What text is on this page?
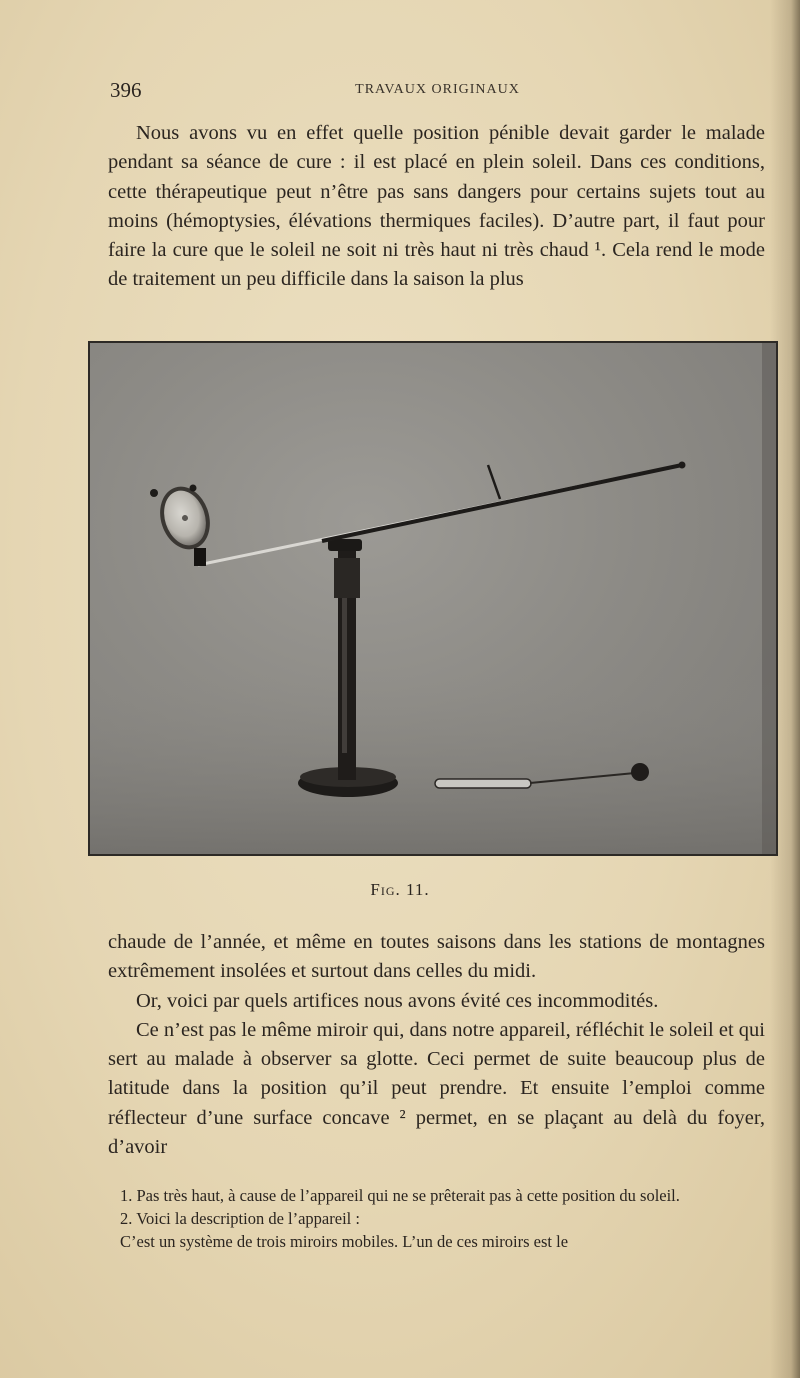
396	TRAVAUX ORIGINAUX

Nous avons vu en effet quelle position pénible devait garder le malade pendant sa séance de cure : il est placé en plein soleil. Dans ces conditions, cette thérapeutique peut n’être pas sans dangers pour certains sujets tout au moins (hémoptysies, élévations thermiques faciles). D’autre part, il faut pour faire la cure que le soleil ne soit ni très haut ni très chaud ¹. Cela rend le mode de traitement un peu difficile dans la saison la plus

Fig. 11.

chaude de l’année, et même en toutes saisons dans les stations de montagnes extrêmement insolées et surtout dans celles du midi.

Or, voici par quels artifices nous avons évité ces incommodités.

Ce n’est pas le même miroir qui, dans notre appareil, réfléchit le soleil et qui sert au malade à observer sa glotte. Ceci permet de suite beaucoup plus de latitude dans la position qu’il peut prendre. Et ensuite l’emploi comme réflecteur d’une surface concave ² permet, en se plaçant au delà du foyer, d’avoir

1. Pas très haut, à cause de l’appareil qui ne se prêterait pas à cette position du soleil.

2. Voici la description de l’appareil :

C’est un système de trois miroirs mobiles. L’un de ces miroirs est le
